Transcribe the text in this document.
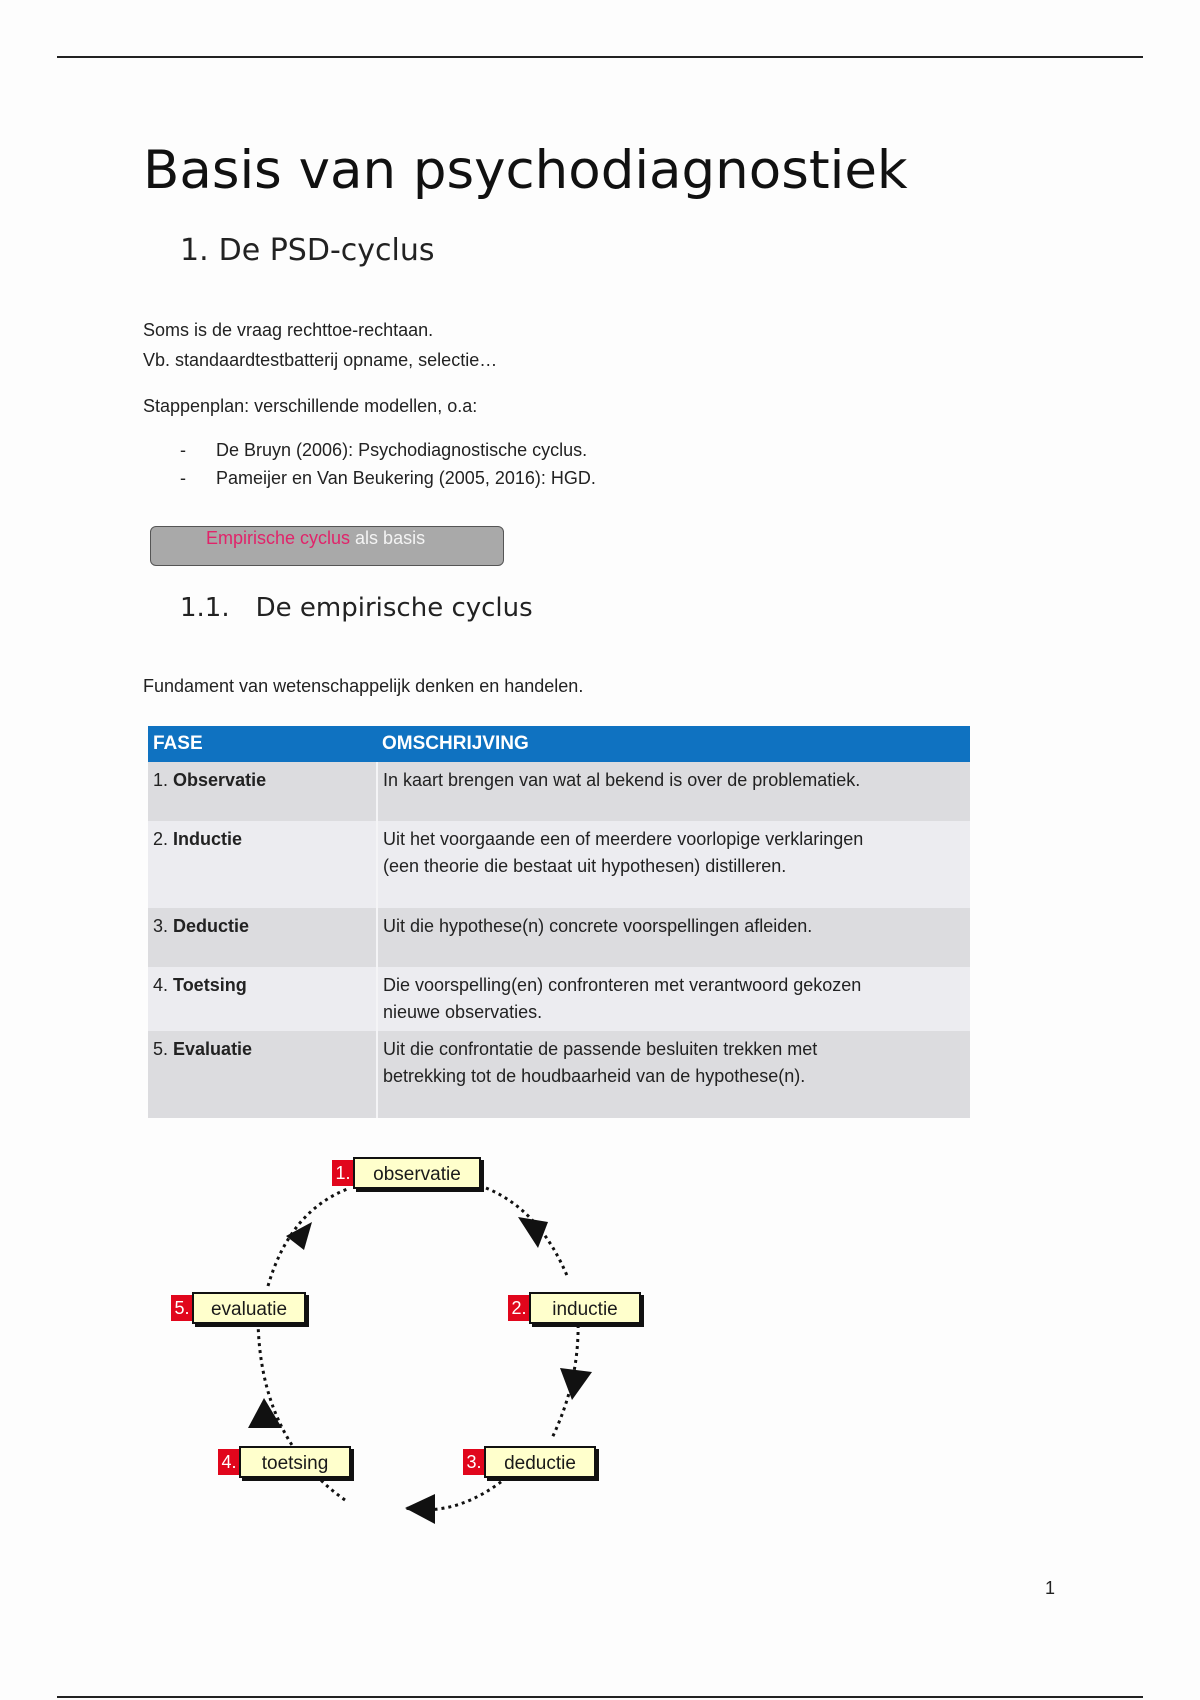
Basis van psychodiagnostiek
1. De PSD-cyclus
Soms is de vraag rechttoe-rechtaan.
Vb. standaardtestbatterij opname, selectie…
Stappenplan: verschillende modellen, o.a:
- De Bruyn (2006): Psychodiagnostische cyclus.
- Pameijer en Van Beukering (2005, 2016): HGD.
Empirische cyclus als basis
1.1. De empirische cyclus
Fundament van wetenschappelijk denken en handelen.
FASE	OMSCHRIJVING
1. Observatie	In kaart brengen van wat al bekend is over de problematiek.

2. Inductie	Uit het voorgaande een of meerdere voorlopige verklaringen
(een theorie die bestaat uit hypothesen) distilleren.

3. Deductie	Uit die hypothese(n) concrete voorspellingen afleiden.

4. Toetsing	Die voorspelling(en) confronteren met verantwoord gekozen
nieuwe observaties.

5. Evaluatie	Uit die confrontatie de passende besluiten trekken met
betrekking tot de houdbaarheid van de hypothese(n).
1.	observatie
2.	inductie
3.	deductie
4.	toetsing
5.	evaluatie
1
